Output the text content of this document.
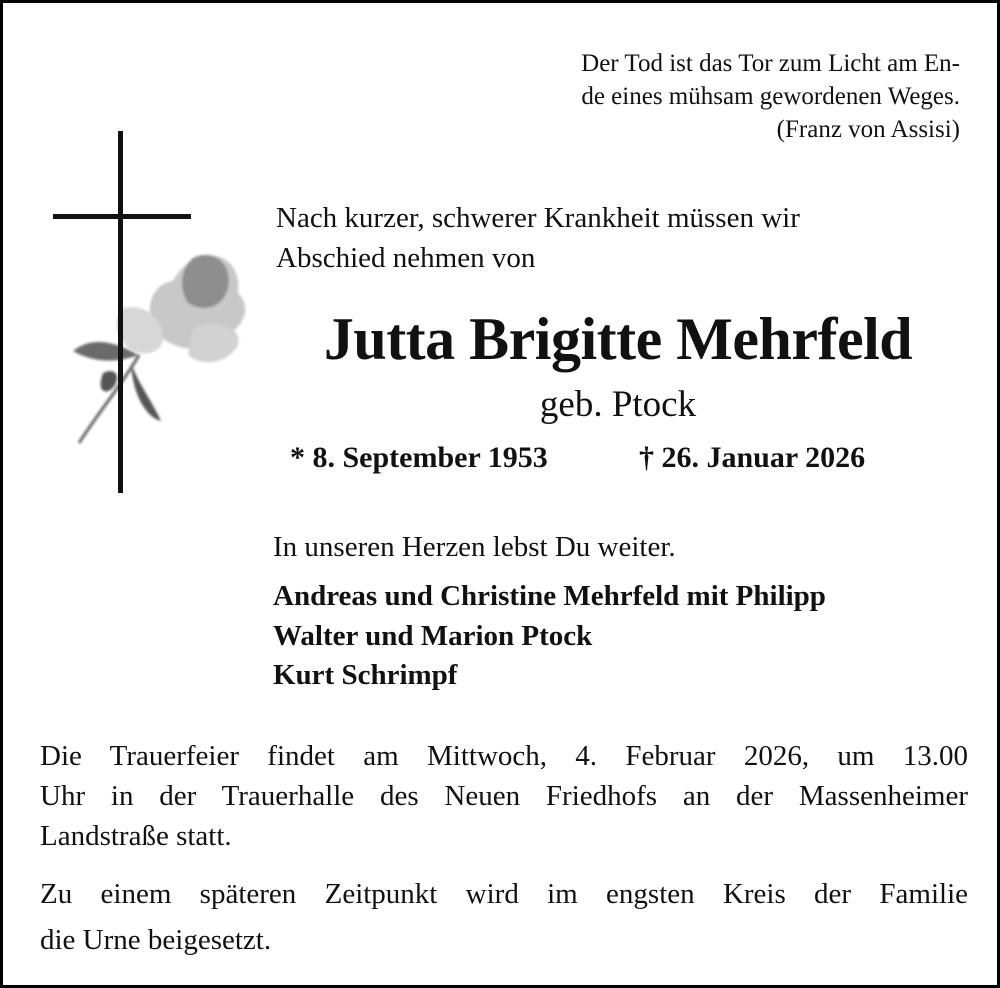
Der Tod ist das Tor zum Licht am En-
de eines mühsam gewordenen Weges.
(Franz von Assisi)
Nach kurzer, schwerer Krankheit müssen wir
Abschied nehmen von
Jutta Brigitte Mehrfeld
geb. Ptock
* 8. September 1953	† 26. Januar 2026
In unseren Herzen lebst Du weiter.
Andreas und Christine Mehrfeld mit Philipp
Walter und Marion Ptock
Kurt Schrimpf
Die Trauerfeier findet am Mittwoch, 4. Februar 2026, um 13.00
Uhr in der Trauerhalle des Neuen Friedhofs an der Massenheimer
Landstraße statt.
Zu einem späteren Zeitpunkt wird im engsten Kreis der Familie
die Urne beigesetzt.
